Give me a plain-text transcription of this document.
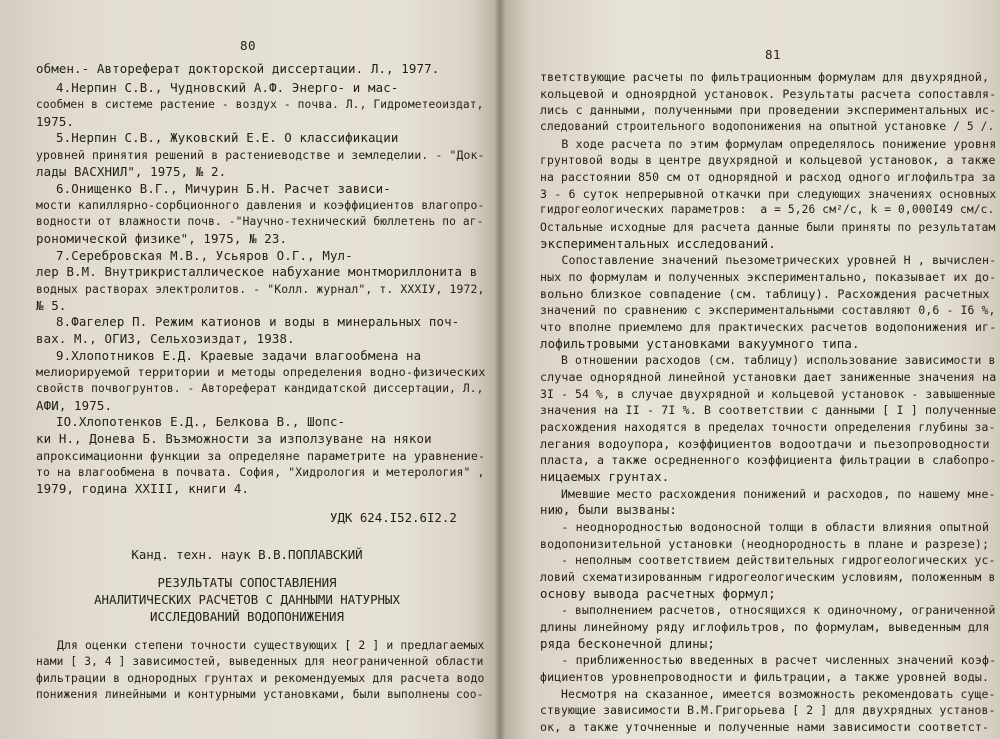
80
обмен.- Автореферат докторской диссертации. Л., 1977.
4.Нерпин С.В., Чудновский А.Ф. Энерго- и мас-
сообмен в системе растение - воздух - почва. Л., Гидрометеоиздат,
1975.
5.Нерпин С.В., Жуковский Е.Е. О классификации
уровней принятия решений в растениеводстве и земледелии. - "Док-
лады ВАСХНИЛ", 1975, № 2.
6.Онищенко В.Г., Мичурин Б.Н. Расчет зависи-
мости капиллярно-сорбционного давления и коэффициентов влагопро-
водности от влажности почв. -"Научно-технический бюллетень по аг-
рономической физике", 1975, № 23.
7.Серебровская М.В., Усьяров О.Г., Мул-
лер В.М. Внутрикристаллическое набухание монтмориллонита в
водных растворах электролитов. - "Колл. журнал", т. XXXIУ, 1972,
№ 5.
8.Фагелер П. Режим катионов и воды в минеральных поч-
вах. М., ОГИЗ, Сельхозиздат, 1938.
9.Хлопотников Е.Д. Краевые задачи влагообмена на
мелиорируемой территории и методы определения водно-физических
свойств почвогрунтов. - Автореферат кандидатской диссертации, Л.,
АФИ, 1975.
IO.Хлопотенков Е.Д., Белкова В., Шопс-
ки Н., Донева Б. Възможности за използуване на някои
апроксимационни функции за определяне параметрите на уравнение-
то на влагообмена в почвата. София, "Хидрология и метерология" ,
1979, година XXIII, книги 4.
УДК 624.I52.6I2.2
Канд. техн. наук В.В.ПОПЛАВСКИЙ
РЕЗУЛЬТАТЫ СОПОСТАВЛЕНИЯ
АНАЛИТИЧЕСКИХ РАСЧЕТОВ С ДАННЫМИ НАТУРНЫХ
ИССЛЕДОВАНИЙ ВОДОПОНИЖЕНИЯ
Для оценки степени точности существующих [ 2 ] и предлагаемых
нами [ 3, 4 ] зависимостей, выведенных для неограниченной области
фильтрации в однородных грунтах и рекомендуемых для расчета водо
понижения линейными и контурными установками, были выполнены соо-
81
тветствующие расчеты по фильтрационным формулам для двухрядной,
кольцевой и одноярдной установок. Результаты расчета сопоставля-
лись с данными, полученными при проведении экспериментальных ис-
следований строительного водопонижения на опытной установке / 5 /.
В ходе расчета по этим формулам определялось понижение уровня
грунтовой воды в центре двухрядной и кольцевой установок, а также
на расстоянии 850 см от однорядной и расход одного иглофильтра за
3 - 6 суток непрерывной откачки при следующих значениях основных
гидрогеологических параметров:  a = 5,26 см²/с, k = 0,000I49 см/с.
Остальные исходные для расчета данные были приняты по результатам
экспериментальных исследований.
Сопоставление значений пьезометрических уровней H , вычислен-
ных по формулам и полученных экспериментально, показывает их до-
вольно близкое совпадение (см. таблицу). Расхождения расчетных
значений по сравнению с экспериментальными составляют 0,6 - I6 %,
что вполне приемлемо для практических расчетов водопонижения иг-
лофильтровыми установками вакуумного типа.
В отношении расходов (см. таблицу) использование зависимости в
случае однорядной линейной установки дает заниженные значения на
3I - 54 %, в случае двухрядной и кольцевой установок - завышенные
значения на II - 7I %. В соответствии с данными [ I ] полученные
расхождения находятся в пределах точности определения глубины за-
легания водоупора, коэффициентов водоотдачи и пьезопроводности
пласта, а также осредненного коэффициента фильтрации в слабопро-
ницаемых грунтах.
Имевшие место расхождения понижений и расходов, по нашему мне-
нию, были вызваны:
- неоднородностью водоносной толщи в области влияния опытной
водопонизительной установки (неоднородность в плане и разрезе);
- неполным соответствием действительных гидрогеологических ус-
ловий схематизированным гидрогеологическим условиям, положенным в
основу вывода расчетных формул;
- выполнением расчетов, относящихся к одиночному, ограниченной
длины линейному ряду иглофильтров, по формулам, выведенным для
ряда бесконечной длины;
- приближенностью введенных в расчет численных значений коэф-
фициентов уровнепроводности и фильтрации, а также уровней воды.
Несмотря на сказанное, имеется возможность рекомендовать суще-
ствующие зависимости В.М.Григорьева [ 2 ] для двухрядных установ-
ок, а также уточненные и полученные нами зависимости соответст-
